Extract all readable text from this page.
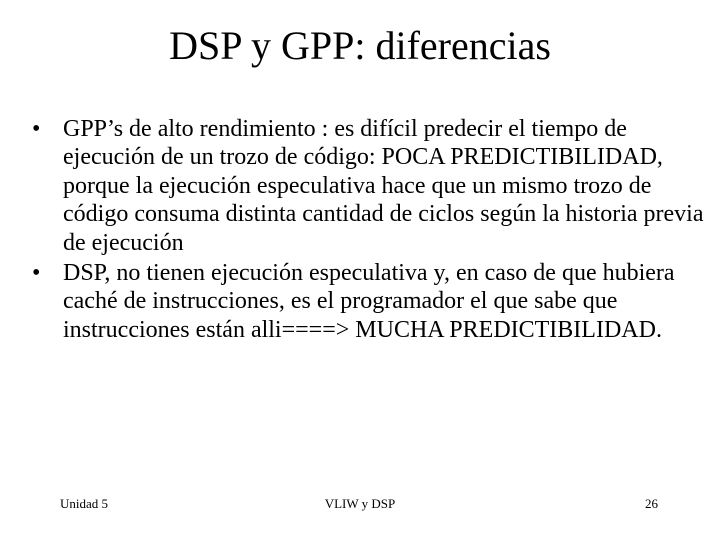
DSP y GPP: diferencias
• GPP’s de alto rendimiento : es difícil predecir el tiempo de ejecución de un trozo de código: POCA PREDICTIBILIDAD, porque la ejecución especulativa hace que un mismo trozo de código consuma distinta cantidad de ciclos según la historia previa de ejecución
• DSP, no tienen ejecución especulativa y, en caso de que hubiera caché de instrucciones, es el programador el que sabe que instrucciones están alli====> MUCHA PREDICTIBILIDAD.
Unidad 5	VLIW y DSP	26
